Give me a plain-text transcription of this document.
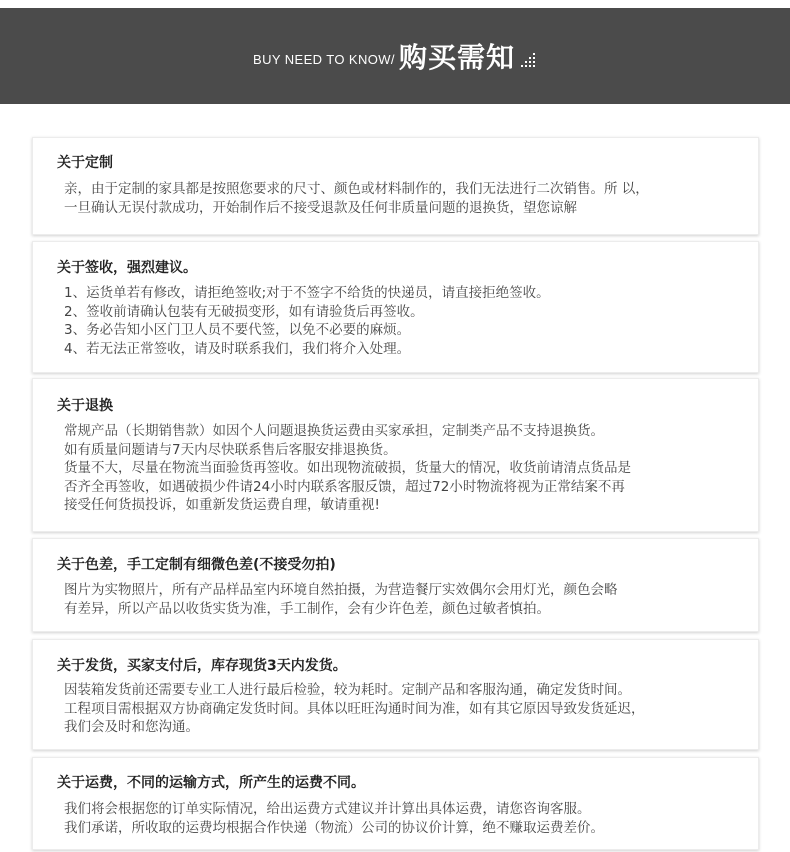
BUY NEED TO KNOW/ 购买需知
关于定制
亲，由于定制的家具都是按照您要求的尺寸、颜色或材料制作的，我们无法进行二次销售。所 以，
一旦确认无误付款成功，开始制作后不接受退款及任何非质量问题的退换货，望您谅解
关于签收，强烈建议。
1、运货单若有修改，请拒绝签收;对于不签字不给货的快递员，请直接拒绝签收。
2、签收前请确认包装有无破损变形，如有请验货后再签收。
3、务必告知小区门卫人员不要代签，以免不必要的麻烦。
4、若无法正常签收，请及时联系我们，我们将介入处理。
关于退换
常规产品（长期销售款）如因个人问题退换货运费由买家承担，定制类产品不支持退换货。
如有质量问题请与7天内尽快联系售后客服安排退换货。
货量不大，尽量在物流当面验货再签收。如出现物流破损，货量大的情况，收货前请清点货品是
否齐全再签收，如遇破损少件请24小时内联系客服反馈，超过72小时物流将视为正常结案不再
接受任何货损投诉，如重新发货运费自理，敏请重视!
关于色差，手工定制有细微色差(不接受勿拍)
图片为实物照片，所有产品样品室内环境自然拍摄，为营造餐厅实效偶尔会用灯光，颜色会略
有差异，所以产品以收货实货为准，手工制作，会有少许色差，颜色过敏者慎拍。
关于发货，买家支付后，库存现货3天内发货。
因装箱发货前还需要专业工人进行最后检验，较为耗时。定制产品和客服沟通，确定发货时间。
工程项目需根据双方协商确定发货时间。具体以旺旺沟通时间为准，如有其它原因导致发货延迟，
我们会及时和您沟通。
关于运费，不同的运输方式，所产生的运费不同。
我们将会根据您的订单实际情况，给出运费方式建议并计算出具体运费，请您咨询客服。
我们承诺，所收取的运费均根据合作快递（物流）公司的协议价计算，绝不赚取运费差价。
